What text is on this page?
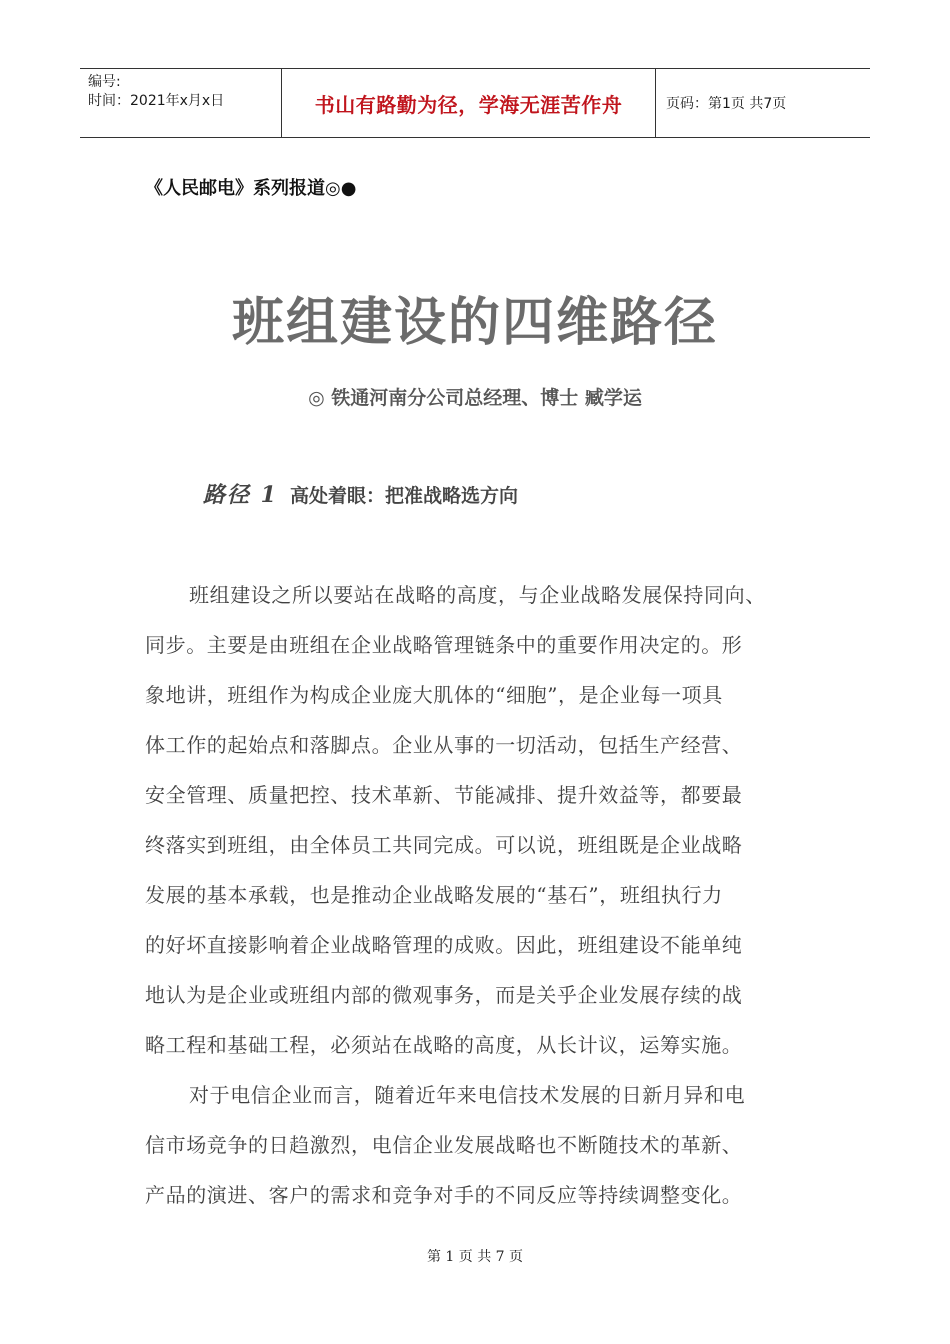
编号:
时间：2021年x月x日	书山有路勤为径，学海无涯苦作舟	页码：第1页 共7页
《人民邮电》系列报道◎●
班组建设的四维路径
◎ 铁通河南分公司总经理、博士 臧学运
路径 1 高处着眼：把准战略选方向
班组建设之所以要站在战略的高度，与企业战略发展保持同向、
同步。主要是由班组在企业战略管理链条中的重要作用决定的。形
象地讲，班组作为构成企业庞大肌体的“细胞”，是企业每一项具
体工作的起始点和落脚点。企业从事的一切活动，包括生产经营、
安全管理、质量把控、技术革新、节能减排、提升效益等，都要最
终落实到班组，由全体员工共同完成。可以说，班组既是企业战略
发展的基本承载，也是推动企业战略发展的“基石”，班组执行力
的好坏直接影响着企业战略管理的成败。因此，班组建设不能单纯
地认为是企业或班组内部的微观事务，而是关乎企业发展存续的战
略工程和基础工程，必须站在战略的高度，从长计议，运筹实施。
对于电信企业而言，随着近年来电信技术发展的日新月异和电
信市场竞争的日趋激烈，电信企业发展战略也不断随技术的革新、
产品的演进、客户的需求和竞争对手的不同反应等持续调整变化。
第 1 页 共 7 页
